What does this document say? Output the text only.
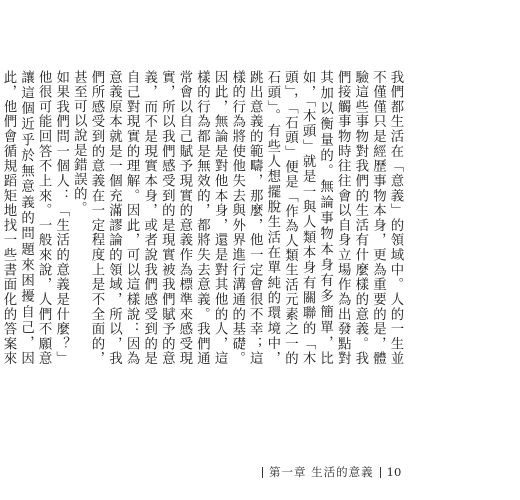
我們都生活在「意義」的領域中。人的一生並不僅僅只是經歷事物本身，更為重要的是，體驗這些事物對我們的生活有什麼樣的意義。我們接觸事物時往往會以自身立場作為出發點對其加以衡量的。無論事物本身有多簡單，比如，「木頭」就是一與人類本身有關聯的「木頭」，「石頭」便是「作為人類生活元素之一的石頭」。有些人想擺脫生活在單純的環境中，跳出意義的範疇，那麼，他一定會很不幸；這樣的行為將使他失去與外界進行溝通的基礎。因此，無論是對他本身，還是對其他的人，這樣的行為都是無效的，都將失去意義。我們通常會以自己賦予現實的意義作為標準來感受現實，所以我們感受到的是現實被我們賦予的意義，而不是現實本身，或者說我們感受到的是自己對現實的理解。因此，可以這樣說：因為意義原本就是一個充滿謬論的領域，所以，我們所感受到的意義在一定程度上是不全面的，甚至可以說是錯誤的。

如果我們問一個人：「生活的意義是什麼？」他很可能回答不上來。一般來說，人們不願意讓這個近乎於無意義的問題來困擾自己，因此，他們會循規蹈矩地找一些書面化的答案來

第一章 生活的意義 10
